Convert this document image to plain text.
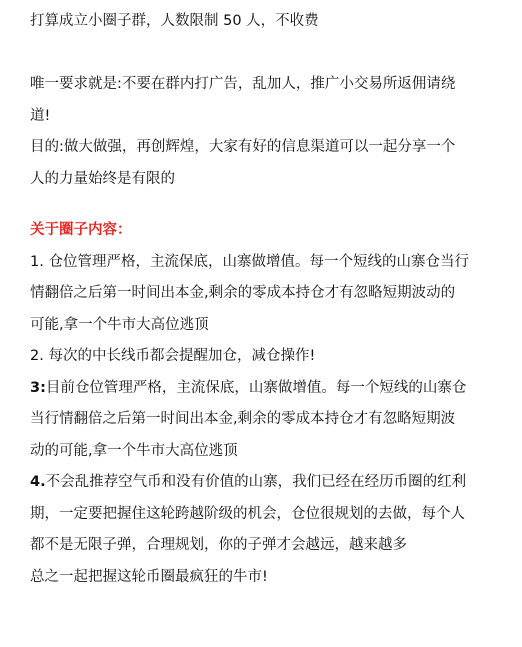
打算成立小圈子群，人数限制 50 人，不收费

唯一要求就是:不要在群内打广告，乱加人，推广小交易所返佣请绕

道!

目的:做大做强，再创辉煌，大家有好的信息渠道可以一起分享一个

人的力量始终是有限的

关于圈子内容：

1. 仓位管理严格，主流保底，山寨做增值。每一个短线的山寨仓当行

情翻倍之后第一时间出本金,剩余的零成本持仓才有忽略短期波动的

可能,拿一个牛市大高位逃顶

2. 每次的中长线币都会提醒加仓，减仓操作!

3:目前仓位管理严格，主流保底，山寨做增值。每一个短线的山寨仓

当行情翻倍之后第一时间出本金,剩余的零成本持仓才有忽略短期波

动的可能,拿一个牛市大高位逃顶

4.不会乱推荐空气币和没有价值的山寨，我们已经在经历币圈的红利

期，一定要把握住这轮跨越阶级的机会，仓位很规划的去做，每个人

都不是无限子弹，合理规划，你的子弹才会越远，越来越多

总之一起把握这轮币圈最疯狂的牛市!
